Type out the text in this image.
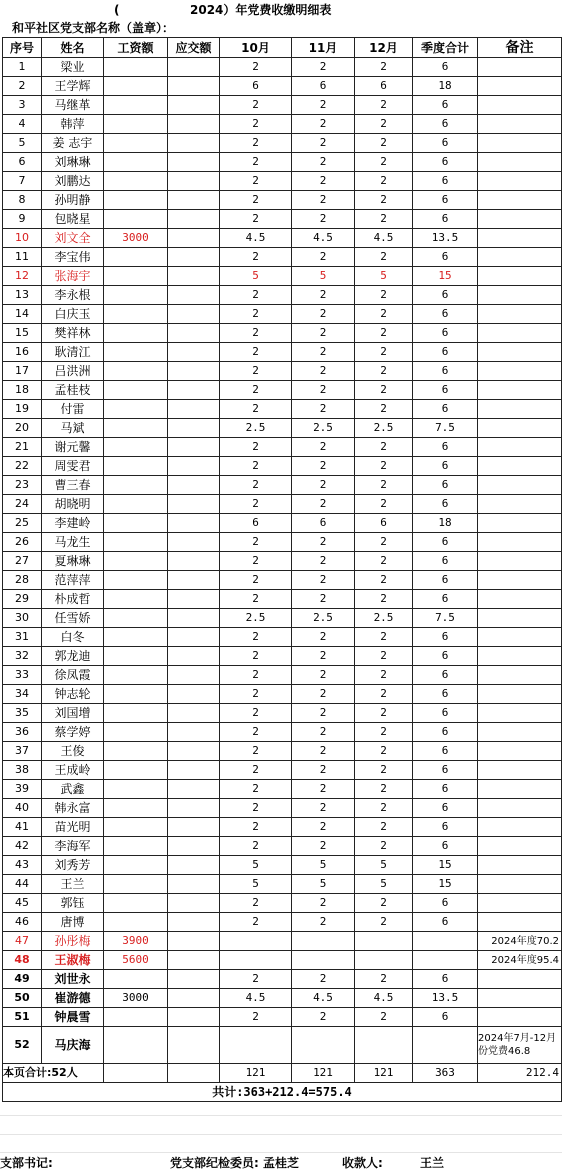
(	2024）年党费收缴明细表
和平社区党支部名称（盖章）：
序号	姓名	工资额	应交额	10月	11月	12月	季度合计	备注
1	梁业			2	2	2	6	
2	王学辉			6	6	6	18	
3	马继革			2	2	2	6	
4	韩萍			2	2	2	6	
5	姜 志宇			2	2	2	6	
6	刘琳琳			2	2	2	6	
7	刘鹏达			2	2	2	6	
8	孙明静			2	2	2	6	
9	包晓星			2	2	2	6	
10	刘文全	3000		4.5	4.5	4.5	13.5	
11	李宝伟			2	2	2	6	
12	张海宇			5	5	5	15	
13	李永根			2	2	2	6	
14	白庆玉			2	2	2	6	
15	樊祥林			2	2	2	6	
16	耿清江			2	2	2	6	
17	吕洪洲			2	2	2	6	
18	孟桂枝			2	2	2	6	
19	付雷			2	2	2	6	
20	马斌			2.5	2.5	2.5	7.5	
21	谢元馨			2	2	2	6	
22	周雯君			2	2	2	6	
23	曹三春			2	2	2	6	
24	胡晓明			2	2	2	6	
25	李建岭			6	6	6	18	
26	马龙生			2	2	2	6	
27	夏琳琳			2	2	2	6	
28	范萍萍			2	2	2	6	
29	朴成哲			2	2	2	6	
30	任雪娇			2.5	2.5	2.5	7.5	
31	白冬			2	2	2	6	
32	郭龙迪			2	2	2	6	
33	徐凤霞			2	2	2	6	
34	钟志轮			2	2	2	6	
35	刘国增			2	2	2	6	
36	蔡学婷			2	2	2	6	
37	王俊			2	2	2	6	
38	王成岭			2	2	2	6	
39	武鑫			2	2	2	6	
40	韩永富			2	2	2	6	
41	苗光明			2	2	2	6	
42	李海军			2	2	2	6	
43	刘秀芳			5	5	5	15	
44	王兰			5	5	5	15	
45	郭钰			2	2	2	6	
46	唐博			2	2	2	6	
47	孙彤梅	3900						2024年度70.2
48	王淑梅	5600						2024年度95.4
49	刘世永			2	2	2	6	
50	崔游德	3000		4.5	4.5	4.5	13.5	
51	钟晨雪			2	2	2	6	
52	马庆海							2024年7月-12月份党费46.8
本页合计:52人				121	121	121	363	212.4
共计:363+212.4=575.4								
支部书记:	党支部纪检委员: 孟桂芝	收款人:	王兰
